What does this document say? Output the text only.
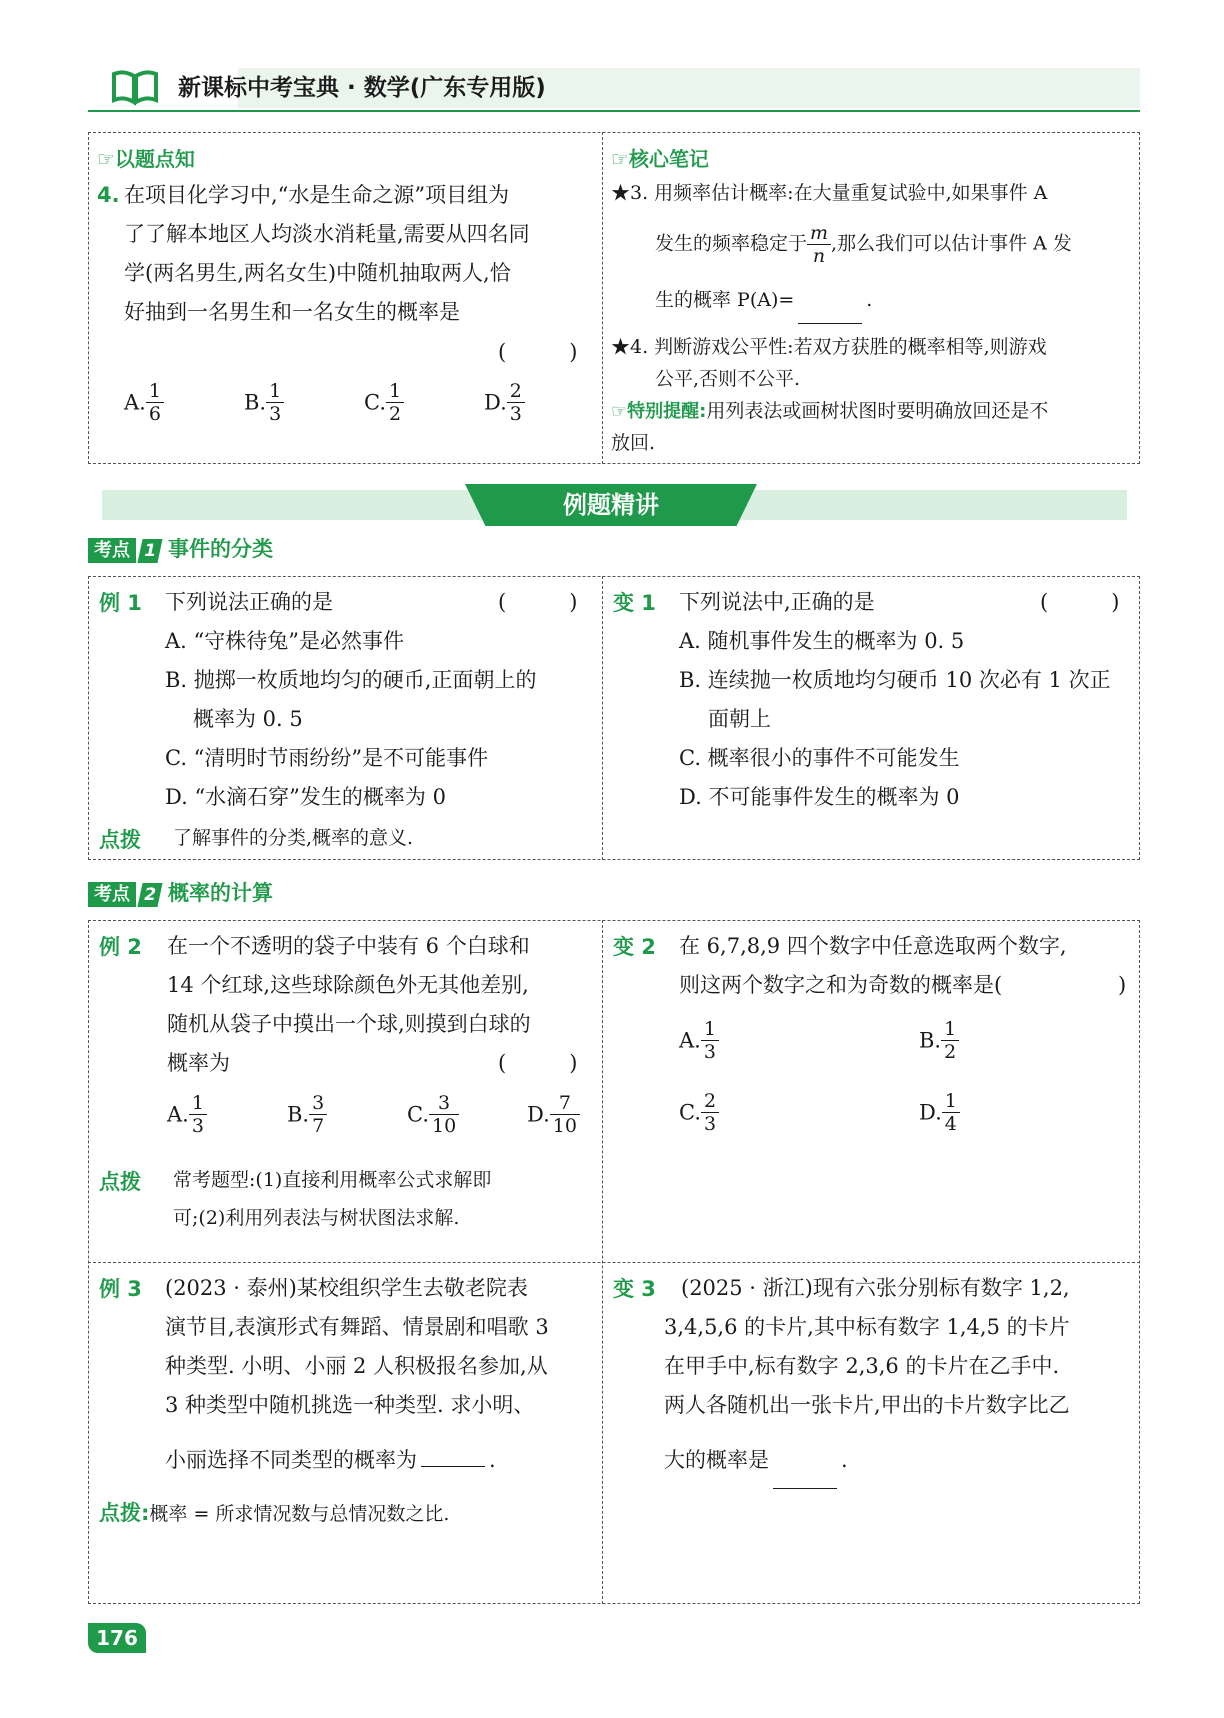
新课标中考宝典 · 数学(广东专用版)
☞以题点知
4. 在项目化学习中,“水是生命之源”项目组为
了了解本地区人均淡水消耗量,需要从四名同
学(两名男生,两名女生)中随机抽取两人,恰
好抽到一名男生和一名女生的概率是
(　　　)
A. $\frac{1}{6}$	B. $\frac{1}{3}$	C. $\frac{1}{2}$	D. $\frac{2}{3}$
☞核心笔记
★3. 用频率估计概率:在大量重复试验中,如果事件 A
发生的频率稳定于 $\frac{m}{n}$ ,那么我们可以估计事件 A 发
生的概率 P(A)=	.
★4. 判断游戏公平性:若双方获胜的概率相等,则游戏
公平,否则不公平.
☞特别提醒:用列表法或画树状图时要明确放回还是不
放回.
例题精讲
考点 1 事件的分类
例 1 下列说法正确的是	(　　　)
A. “守株待兔”是必然事件
B. 抛掷一枚质地均匀的硬币,正面朝上的
概率为 0. 5
C. “清明时节雨纷纷”是不可能事件
D. “水滴石穿”发生的概率为 0
点拨 了解事件的分类,概率的意义.
变 1 下列说法中,正确的是	(　　　)
A. 随机事件发生的概率为 0. 5
B. 连续抛一枚质地均匀硬币 10 次必有 1 次正
面朝上
C. 概率很小的事件不可能发生
D. 不可能事件发生的概率为 0
考点 2 概率的计算
例 2 在一个不透明的袋子中装有 6 个白球和
14 个红球,这些球除颜色外无其他差别,
随机从袋子中摸出一个球,则摸到白球的
概率为	(　　　)
A. $\frac{1}{3}$	B. $\frac{3}{7}$	C. $\frac{3}{10}$	D. $\frac{7}{10}$
点拨 常考题型:(1)直接利用概率公式求解即
可;(2)利用列表法与树状图法求解.
变 2 在 6,7,8,9 四个数字中任意选取两个数字,
则这两个数字之和为奇数的概率是(	)
A. $\frac{1}{3}$	B. $\frac{1}{2}$
C. $\frac{2}{3}$	D. $\frac{1}{4}$
例 3 (2023 · 泰州)某校组织学生去敬老院表
演节目,表演形式有舞蹈、情景剧和唱歌 3
种类型. 小明、小丽 2 人积极报名参加,从
3 种类型中随机挑选一种类型. 求小明、
小丽选择不同类型的概率为	.
点拨:概率 = 所求情况数与总情况数之比.
变 3 (2025 · 浙江)现有六张分别标有数字 1,2,
3,4,5,6 的卡片,其中标有数字 1,4,5 的卡片
在甲手中,标有数字 2,3,6 的卡片在乙手中.
两人各随机出一张卡片,甲出的卡片数字比乙
大的概率是	.
176
